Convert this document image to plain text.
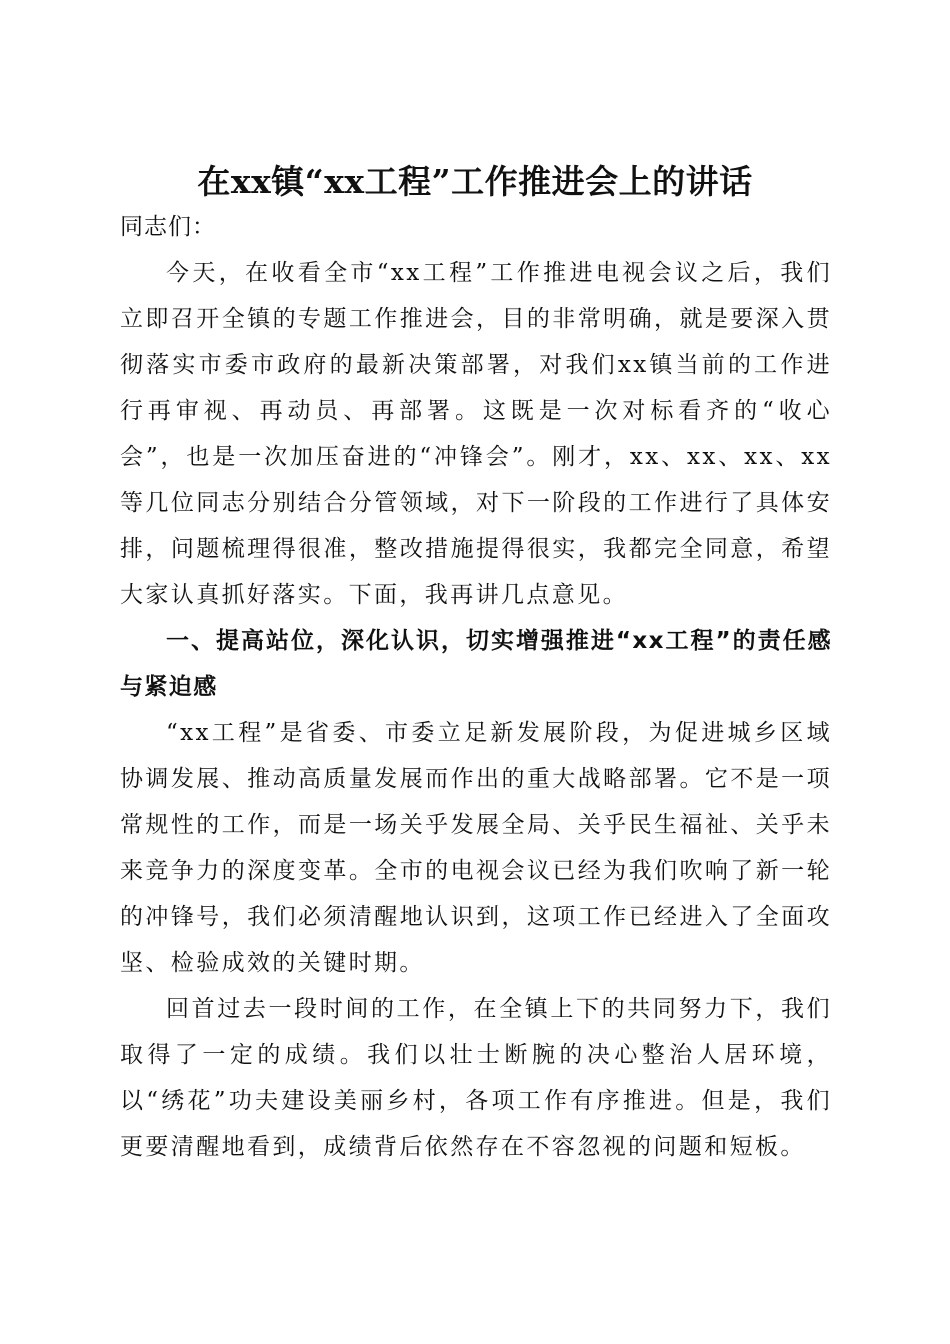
在xx镇“xx工程”工作推进会上的讲话

同志们：

今天，在收看全市“xx工程”工作推进电视会议之后，我们立即召开全镇的专题工作推进会，目的非常明确，就是要深入贯彻落实市委市政府的最新决策部署，对我们xx镇当前的工作进行再审视、再动员、再部署。这既是一次对标看齐的“收心会”，也是一次加压奋进的“冲锋会”。刚才，xx、xx、xx、xx等几位同志分别结合分管领域，对下一阶段的工作进行了具体安排，问题梳理得很准，整改措施提得很实，我都完全同意，希望大家认真抓好落实。下面，我再讲几点意见。

一、提高站位，深化认识，切实增强推进“xx工程”的责任感与紧迫感

“xx工程”是省委、市委立足新发展阶段，为促进城乡区域协调发展、推动高质量发展而作出的重大战略部署。它不是一项常规性的工作，而是一场关乎发展全局、关乎民生福祉、关乎未来竞争力的深度变革。全市的电视会议已经为我们吹响了新一轮的冲锋号，我们必须清醒地认识到，这项工作已经进入了全面攻坚、检验成效的关键时期。

回首过去一段时间的工作，在全镇上下的共同努力下，我们取得了一定的成绩。我们以壮士断腕的决心整治人居环境，以“绣花”功夫建设美丽乡村，各项工作有序推进。但是，我们更要清醒地看到，成绩背后依然存在不容忽视的问题和短板。
